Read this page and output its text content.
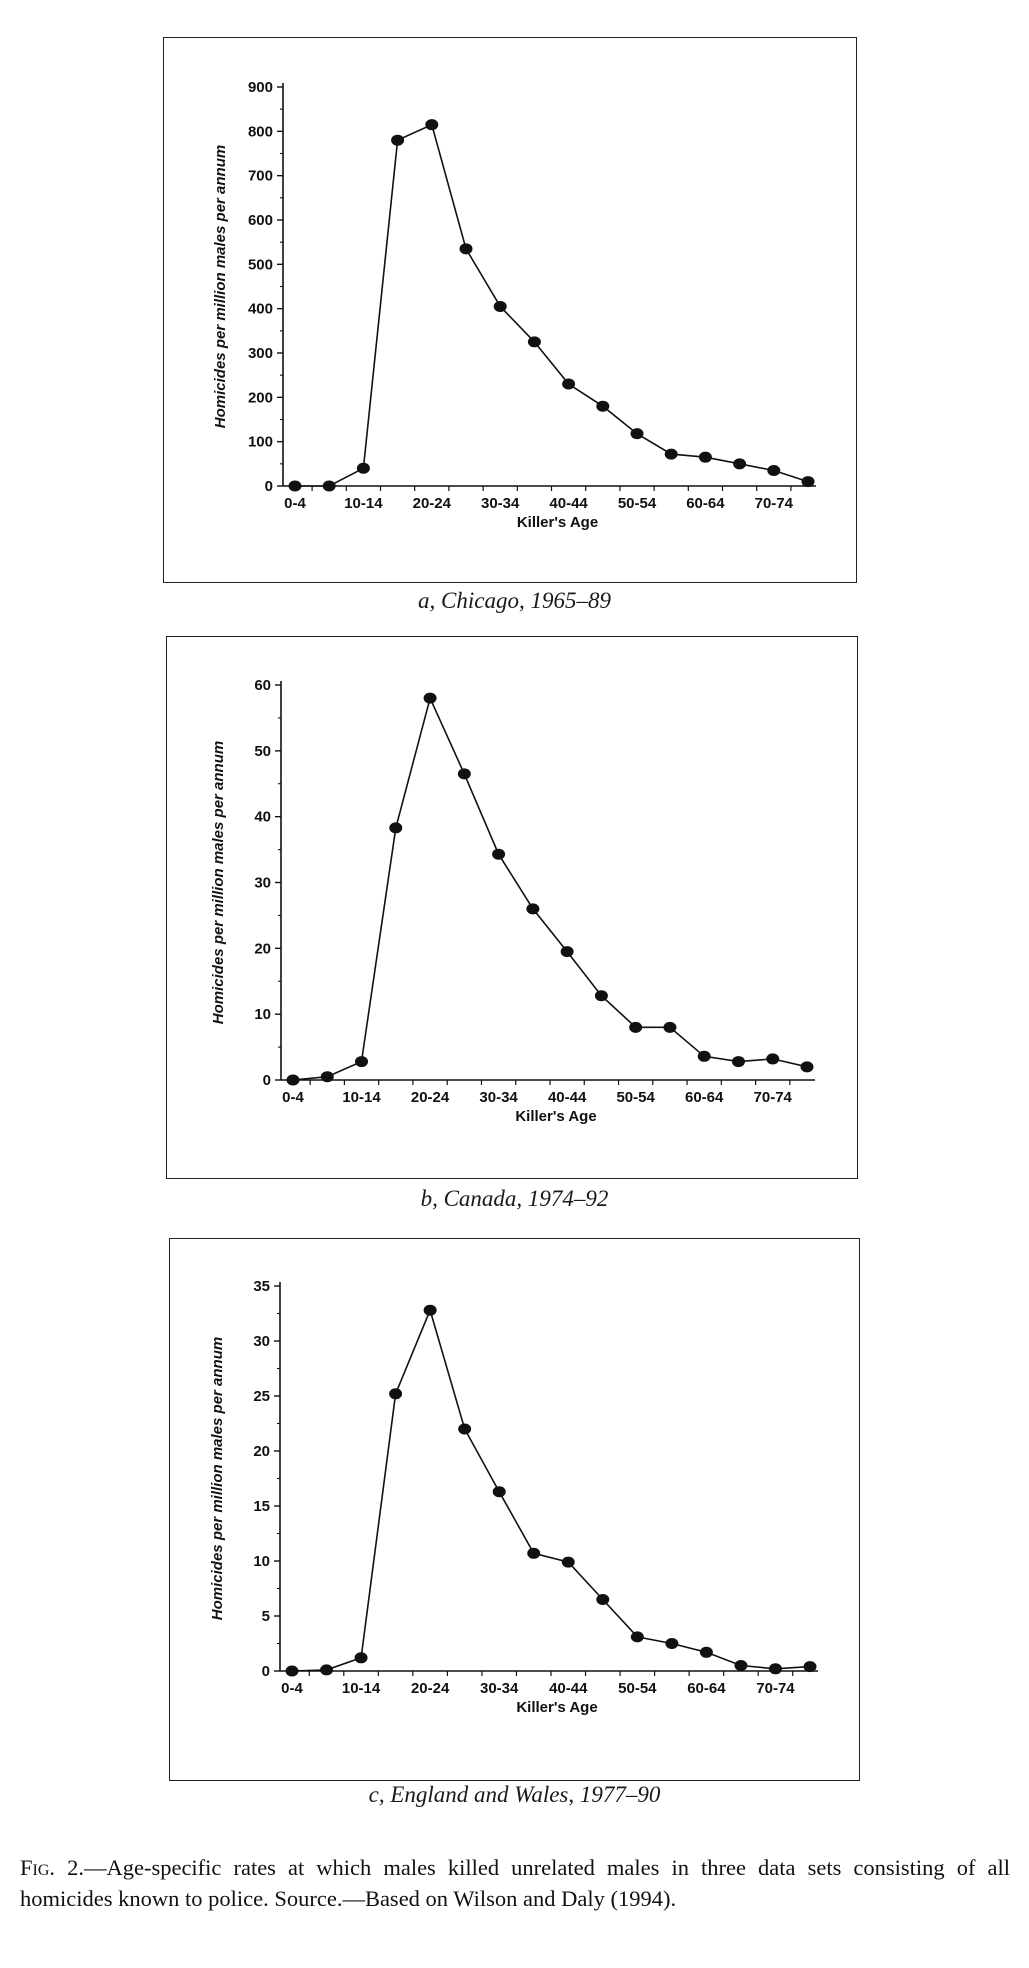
0
100
200
300
400
500
600
700
800
900
0-4	10-14 20-24 30-34 40-44 50-54 60-64 70-74
Killer's Age
Homicides per million males per annum
a, Chicago, 1965–89
0
10
20
30
40
50
60
0-4	10-14 20-24 30-34 40-44 50-54 60-64 70-74
Killer's Age
Homicides per million males per annum
b, Canada, 1974–92
0
5
10
15
20
25
30
35
0-4	10-14 20-24 30-34 40-44 50-54 60-64 70-74
Killer's Age
Homicides per million males per annum
c, England and Wales, 1977–90
Fig. 2.—Age-specific rates at which males killed unrelated males in three data sets consisting of all homicides known to police. Source.—Based on Wilson and Daly (1994).
